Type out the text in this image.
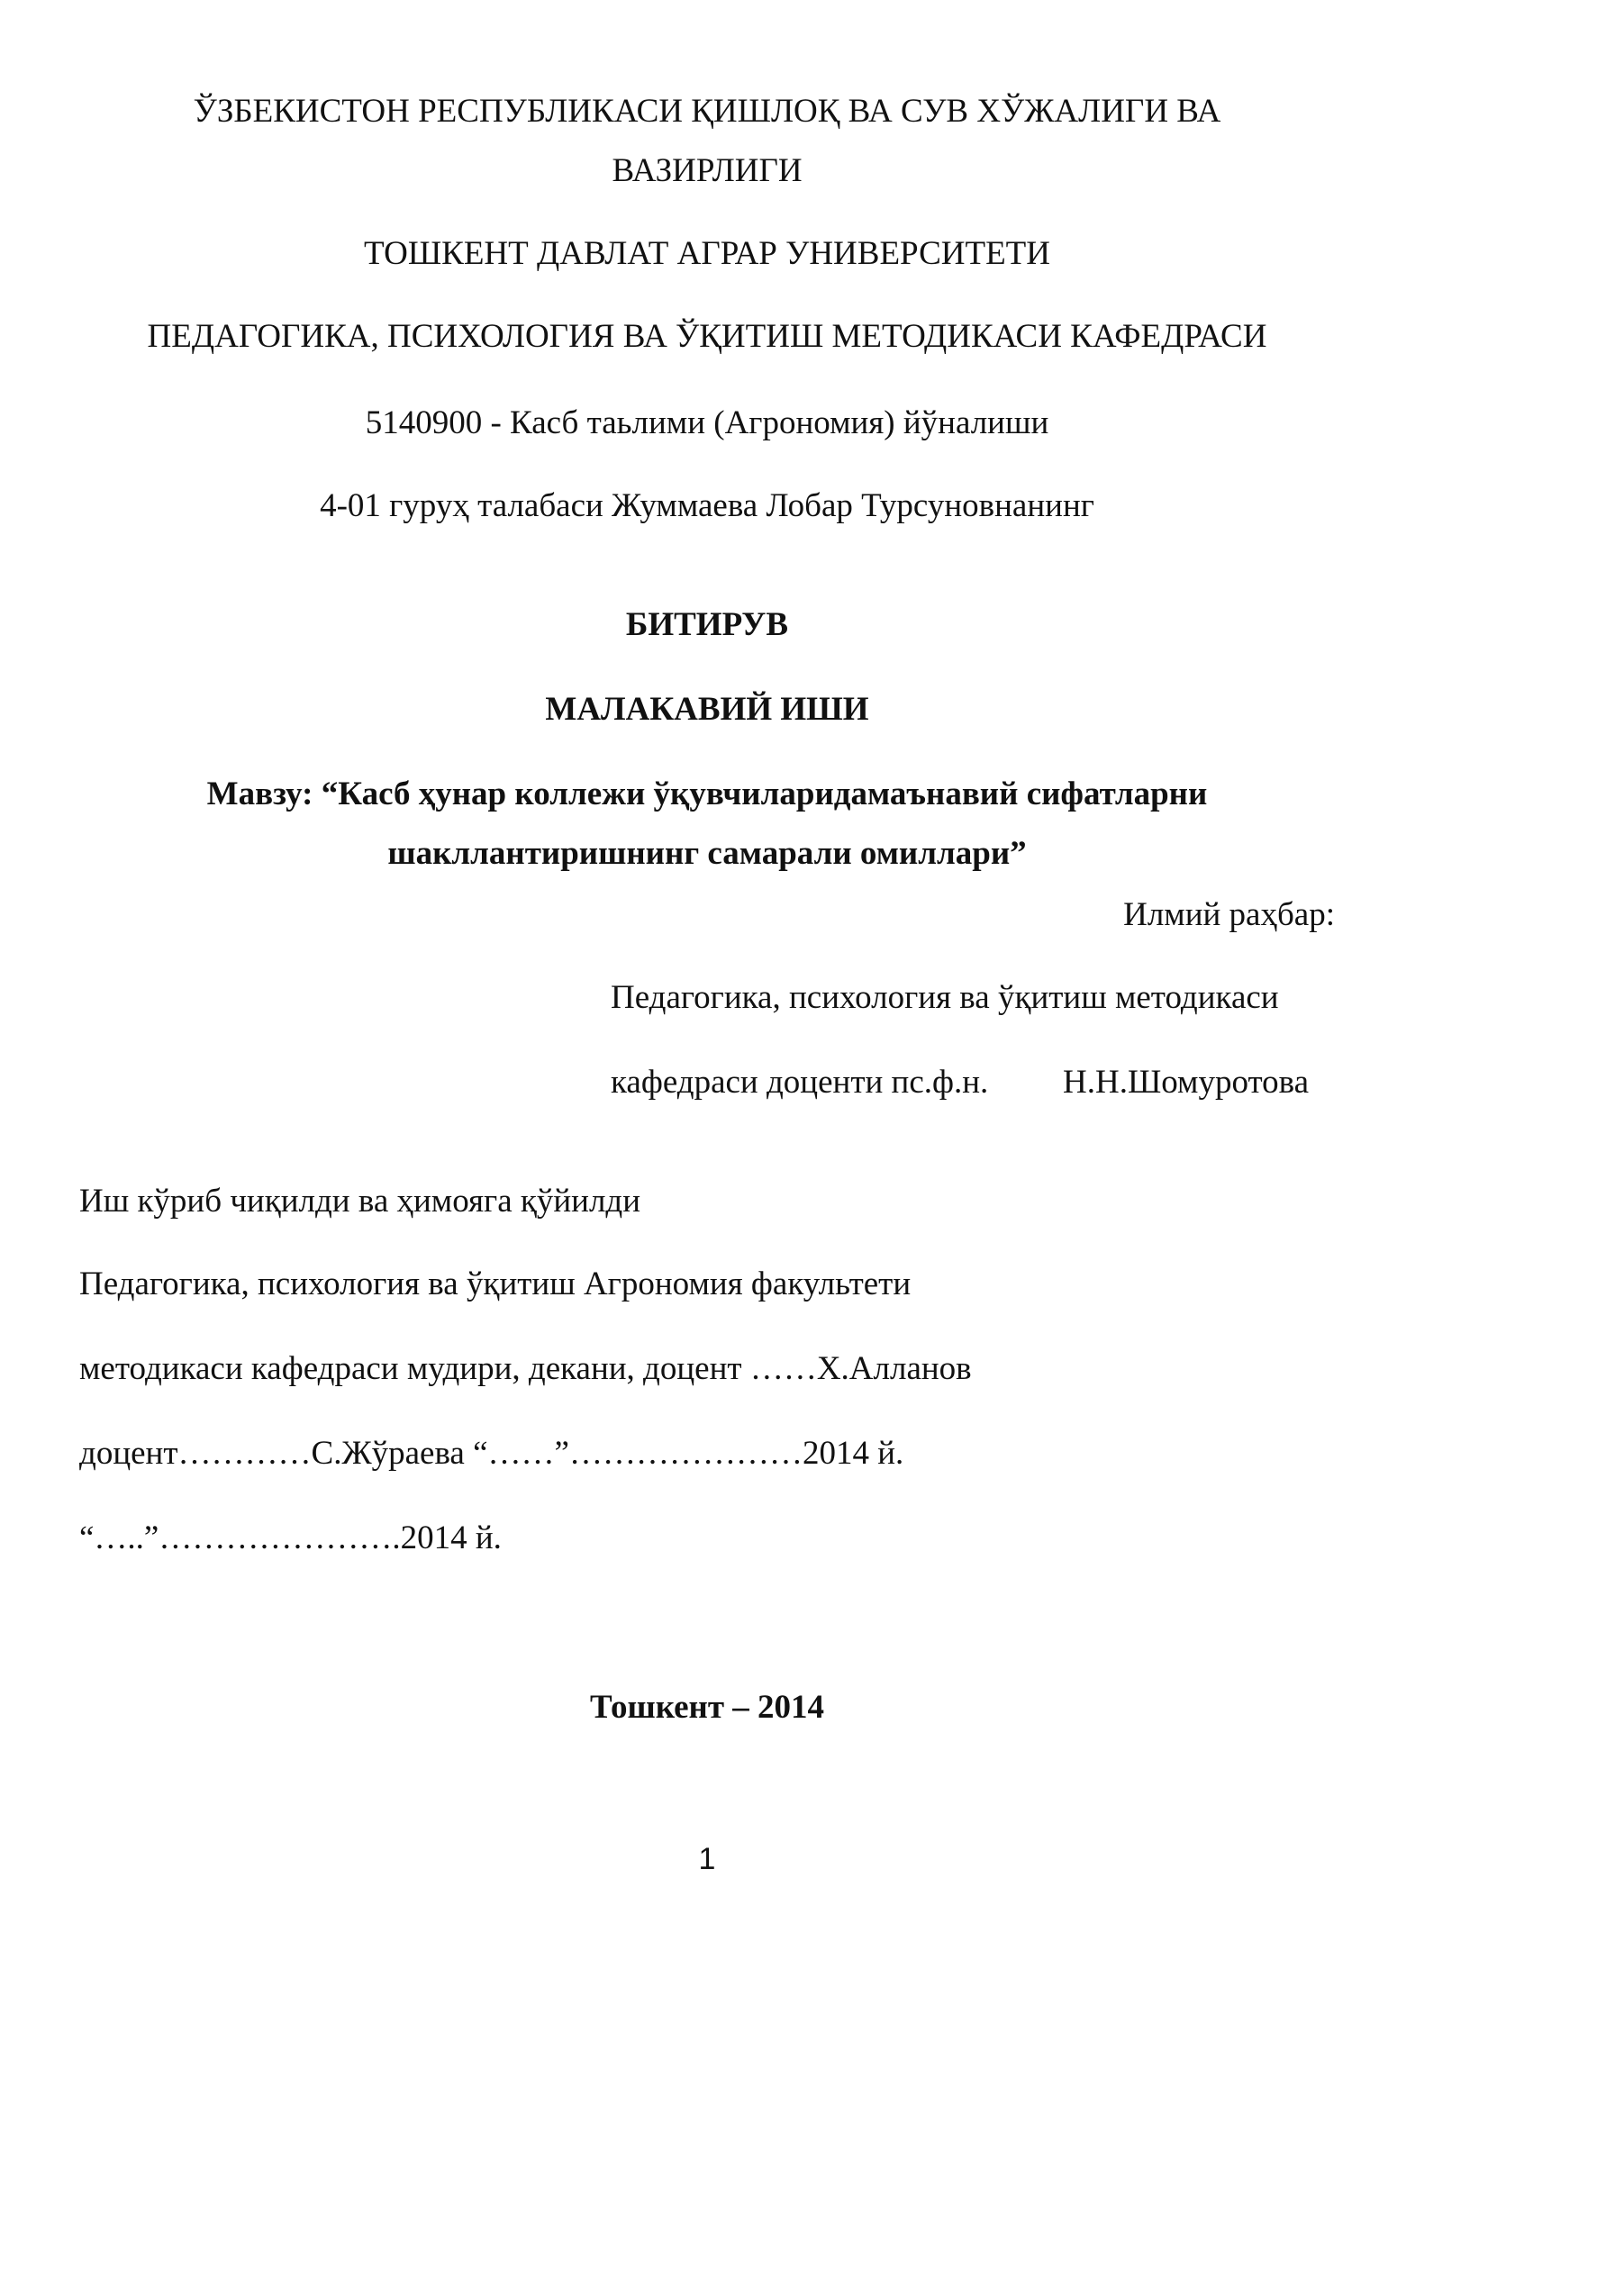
ЎЗБЕКИСТОН РЕСПУБЛИКАСИ ҚИШЛОҚ ВА СУВ ХЎЖАЛИГИ ВА
ВАЗИРЛИГИ
ТОШКЕНТ ДАВЛАТ АГРАР УНИВЕРСИТЕТИ
ПЕДАГОГИКА, ПСИХОЛОГИЯ ВА ЎҚИТИШ МЕТОДИКАСИ КАФЕДРАСИ
5140900 - Касб таьлими (Агрономия) йўналиши
4-01 гуруҳ талабаси Жуммаева Лобар Турсуновнанинг
БИТИРУВ
МАЛАКАВИЙ ИШИ
Мавзу: “Касб ҳунар коллежи ўқувчиларидамаънавий сифатларни
шакллантиришнинг самарали омиллари”
Илмий раҳбар:
Педагогика, психология ва ўқитиш методикаси
кафедраси доценти пс.ф.н. Н.Н.Шомуротова
Иш кўриб чиқилди ва ҳимояга қўйилди
Педагогика, психология ва ўқитиш Агрономия факультети
методикаси кафедраси мудири, декани, доцент ……Х.Алланов
доцент…………С.Жўраева “……”…………………2014 й.
“…..”………………….2014 й.
Тошкент – 2014
1
